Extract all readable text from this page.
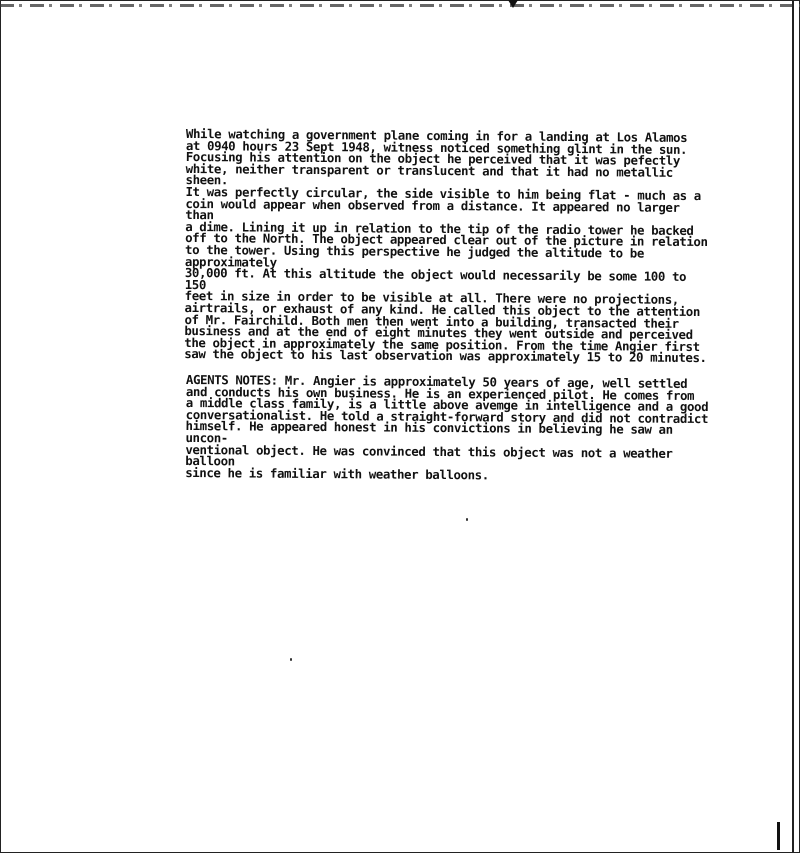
While watching a government plane coming in for a landing at Los Alamos
at 0940 hours 23 Sept 1948, witness noticed something glint in the sun.
Focusing his attention on the object he perceived that it was pefectly
white, neither transparent or translucent and that it had no metallic sheen.
It was perfectly circular, the side visible to him being flat - much as a
coin would appear when observed from a distance. It appeared no larger than
a dime. Lining it up in relation to the tip of the radio tower he backed
off to the North. The object appeared clear out of the picture in relation
to the tower. Using this perspective he judged the altitude to be approximately
30,000 ft. At this altitude the object would necessarily be some 100 to 150
feet in size in order to be visible at all. There were no projections,
airtrails, or exhaust of any kind. He called this object to the attention
of Mr. Fairchild. Both men then went into a building, transacted their
business and at the end of eight minutes they went outside and perceived
the object in approximately the same position. From the time Angier first
saw the object to his last observation was approximately 15 to 20 minutes.

AGENTS NOTES: Mr. Angier is approximately 50 years of age, well settled
and conducts his own business. He is an experienced pilot. He comes from
a middle class family, is a little above avemge in intelligence and a good
conversationalist. He told a straight-forward story and did not contradict
himself. He appeared honest in his convictions in believing he saw an uncon-
ventional object. He was convinced that this object was not a weather balloon
since he is familiar with weather balloons.
